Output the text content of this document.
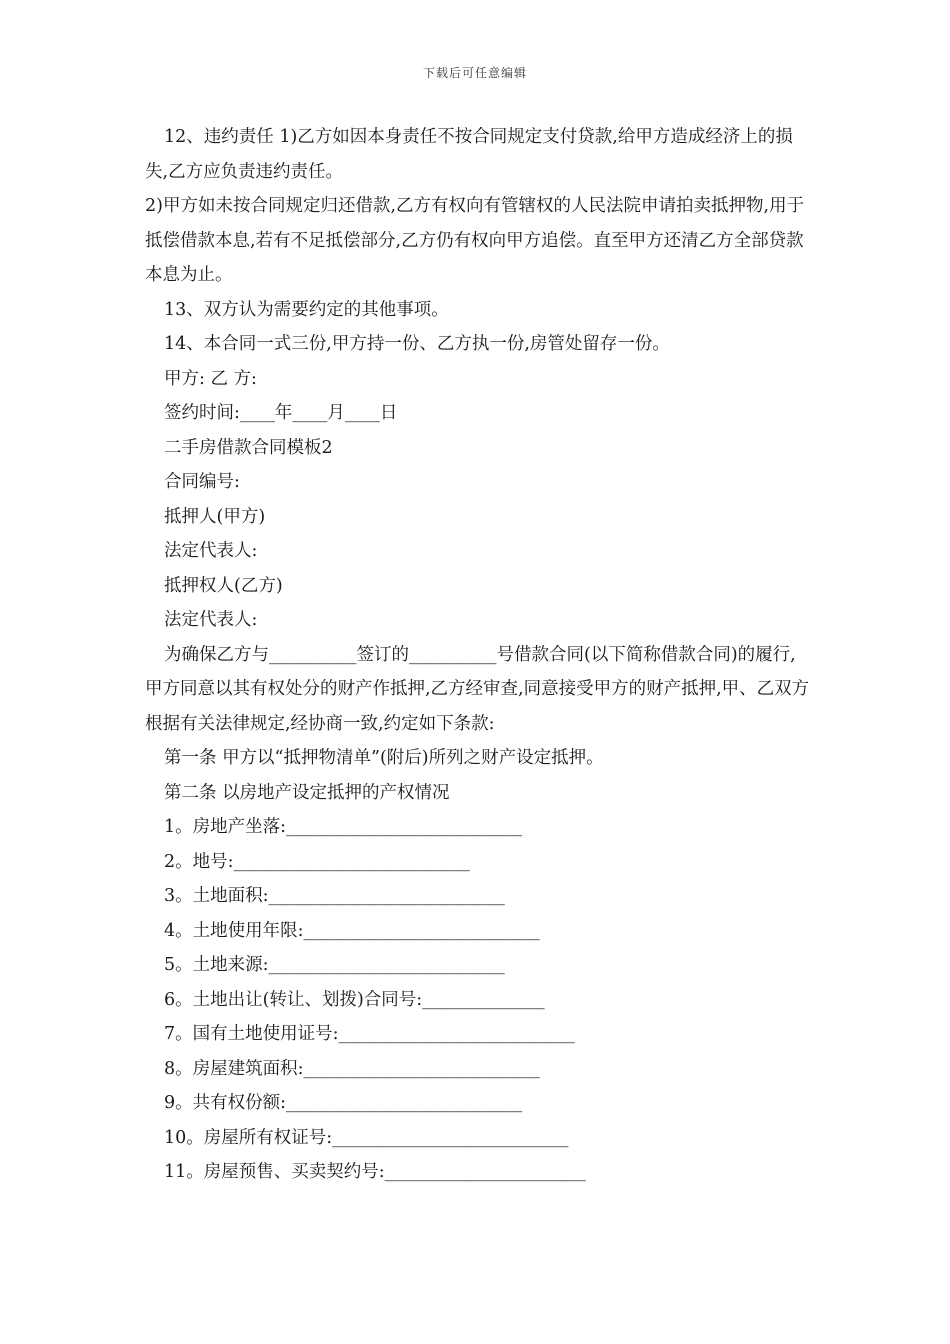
下载后可任意编辑

12、违约责任 1)乙方如因本身责任不按合同规定支付贷款,给甲方造成经济上的损失,乙方应负责违约责任。

2)甲方如未按合同规定归还借款,乙方有权向有管辖权的人民法院申请拍卖抵押物,用于抵偿借款本息,若有不足抵偿部分,乙方仍有权向甲方追偿。直至甲方还清乙方全部贷款本息为止。

13、双方认为需要约定的其他事项。

14、本合同一式三份,甲方持一份、乙方执一份,房管处留存一份。

甲方: 乙 方:

签约时间:____年____月____日

二手房借款合同模板2

合同编号:

抵押人(甲方)

法定代表人:

抵押权人(乙方)

法定代表人:

为确保乙方与__________签订的__________号借款合同(以下简称借款合同)的履行,甲方同意以其有权处分的财产作抵押,乙方经审查,同意接受甲方的财产抵押,甲、乙双方根据有关法律规定,经协商一致,约定如下条款:

第一条 甲方以“抵押物清单”(附后)所列之财产设定抵押。

第二条 以房地产设定抵押的产权情况

1。房地产坐落:___________________________

2。地号:___________________________

3。土地面积:___________________________

4。土地使用年限:___________________________

5。土地来源:___________________________

6。土地出让(转让、划拨)合同号:______________

7。国有土地使用证号:___________________________

8。房屋建筑面积:___________________________

9。共有权份额:___________________________

10。房屋所有权证号:___________________________

11。房屋预售、买卖契约号:_______________________
